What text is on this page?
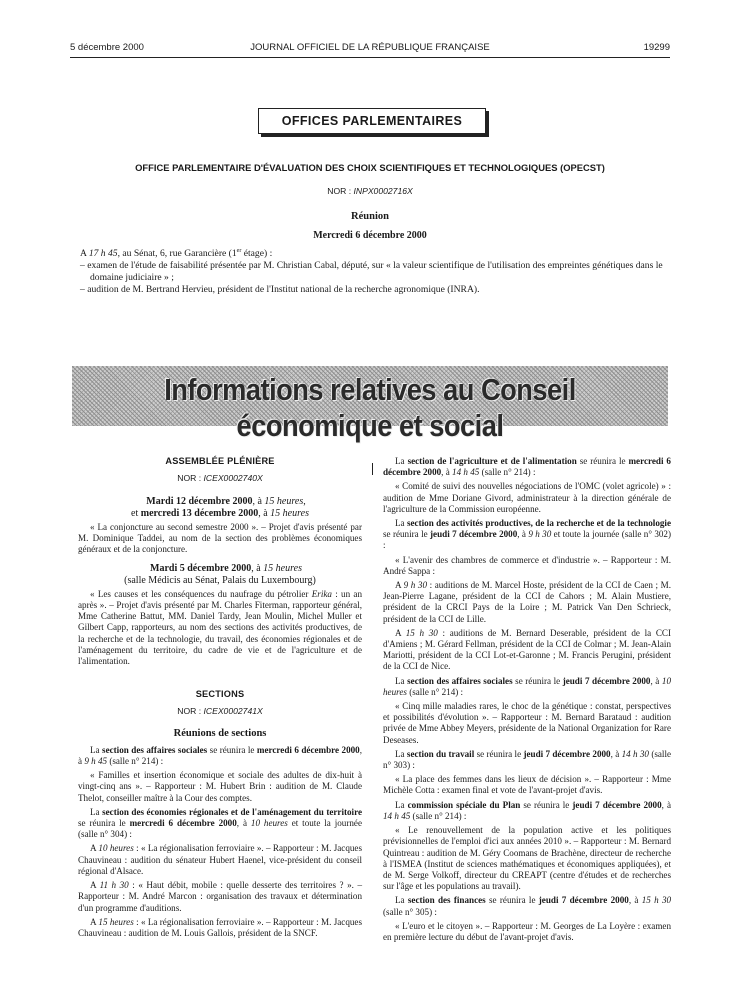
5 décembre 2000	JOURNAL OFFICIEL DE LA RÉPUBLIQUE FRANÇAISE	19299
OFFICES PARLEMENTAIRES
OFFICE PARLEMENTAIRE D'ÉVALUATION DES CHOIX SCIENTIFIQUES ET TECHNOLOGIQUES (OPECST)
NOR : INPX0002716X
Réunion
Mercredi 6 décembre 2000

A 17 h 45, au Sénat, 6, rue Garancière (1er étage) :

– examen de l'étude de faisabilité présentée par M. Christian Cabal, député, sur « la valeur scientifique de l'utilisation des empreintes génétiques dans le domaine judiciaire » ;

– audition de M. Bertrand Hervieu, président de l'Institut national de la recherche agronomique (INRA).

Informations relatives au Conseil économique et social
ASSEMBLÉE PLÉNIÈRE

NOR : ICEX0002740X

Mardi 12 décembre 2000, à 15 heures,
et mercredi 13 décembre 2000, à 15 heures

« La conjoncture au second semestre 2000 ». – Projet d'avis présenté par M. Dominique Taddei, au nom de la section des problèmes économiques généraux et de la conjoncture.

Mardi 5 décembre 2000, à 15 heures
(salle Médicis au Sénat, Palais du Luxembourg)

« Les causes et les conséquences du naufrage du pétrolier Erika : un an après ». – Projet d'avis présenté par M. Charles Fiterman, rapporteur général, Mme Catherine Battut, MM. Daniel Tardy, Jean Moulin, Michel Muller et Gilbert Capp, rapporteurs, au nom des sections des activités productives, de la recherche et de la technologie, du travail, des économies régionales et de l'aménagement du territoire, du cadre de vie et de l'agriculture et de l'alimentation.

SECTIONS

NOR : ICEX0002741X

Réunions de sections

La section des affaires sociales se réunira le mercredi 6 décembre 2000, à 9 h 45 (salle n° 214) :

« Familles et insertion économique et sociale des adultes de dix-huit à vingt-cinq ans ». – Rapporteur : M. Hubert Brin : audition de M. Claude Thelot, conseiller maître à la Cour des comptes.

La section des économies régionales et de l'aménagement du territoire se réunira le mercredi 6 décembre 2000, à 10 heures et toute la journée (salle n° 304) :

A 10 heures : « La régionalisation ferroviaire ». – Rapporteur : M. Jacques Chauvineau : audition du sénateur Hubert Haenel, vice-président du conseil régional d'Alsace.

A 11 h 30 : « Haut débit, mobile : quelle desserte des territoires ? ». – Rapporteur : M. André Marcon : organisation des travaux et détermination d'un programme d'auditions.

A 15 heures : « La régionalisation ferroviaire ». – Rapporteur : M. Jacques Chauvineau : audition de M. Louis Gallois, président de la SNCF.

La section de l'agriculture et de l'alimentation se réunira le mercredi 6 décembre 2000, à 14 h 45 (salle n° 214) :

« Comité de suivi des nouvelles négociations de l'OMC (volet agricole) » : audition de Mme Doriane Givord, administrateur à la direction générale de l'agriculture de la Commission européenne.

La section des activités productives, de la recherche et de la technologie se réunira le jeudi 7 décembre 2000, à 9 h 30 et toute la journée (salle n° 302) :

« L'avenir des chambres de commerce et d'industrie ». – Rapporteur : M. André Sappa :

A 9 h 30 : auditions de M. Marcel Hoste, président de la CCI de Caen ; M. Jean-Pierre Lagane, président de la CCI de Cahors ; M. Alain Mustiere, président de la CRCI Pays de la Loire ; M. Patrick Van Den Schrieck, président de la CCI de Lille.

A 15 h 30 : auditions de M. Bernard Deserable, président de la CCI d'Amiens ; M. Gérard Fellman, président de la CCI de Colmar ; M. Jean-Alain Mariotti, président de la CCI Lot-et-Garonne ; M. Francis Perugini, président de la CCI de Nice.

La section des affaires sociales se réunira le jeudi 7 décembre 2000, à 10 heures (salle n° 214) :

« Cinq mille maladies rares, le choc de la génétique : constat, perspectives et possibilités d'évolution ». – Rapporteur : M. Bernard Barataud : audition privée de Mme Abbey Meyers, présidente de la National Organization for Rare Deseases.

La section du travail se réunira le jeudi 7 décembre 2000, à 14 h 30 (salle n° 303) :

« La place des femmes dans les lieux de décision ». – Rapporteur : Mme Michèle Cotta : examen final et vote de l'avant-projet d'avis.

La commission spéciale du Plan se réunira le jeudi 7 décembre 2000, à 14 h 45 (salle n° 214) :

« Le renouvellement de la population active et les politiques prévisionnelles de l'emploi d'ici aux années 2010 ». – Rapporteur : M. Bernard Quintreau : audition de M. Géry Coomans de Brachène, directeur de recherche à l'ISMEA (Institut de sciences mathématiques et économiques appliquées), et de M. Serge Volkoff, directeur du CREAPT (centre d'études et de recherches sur l'âge et les populations au travail).

La section des finances se réunira le jeudi 7 décembre 2000, à 15 h 30 (salle n° 305) :

« L'euro et le citoyen ». – Rapporteur : M. Georges de La Loyère : examen en première lecture du début de l'avant-projet d'avis.
